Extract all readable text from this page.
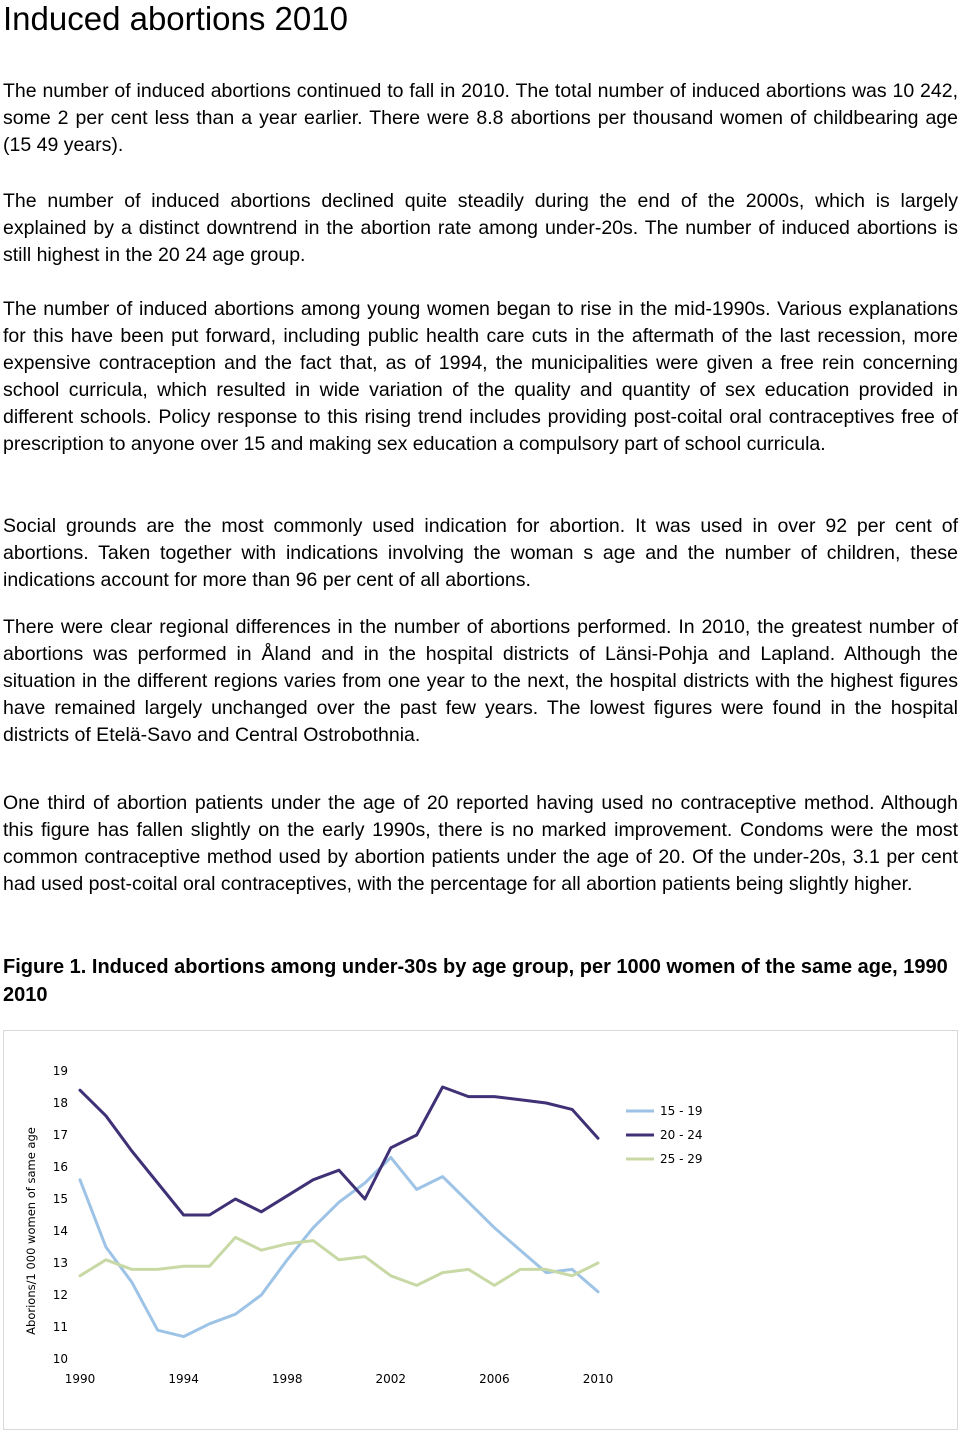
Induced abortions 2010

The number of induced abortions continued to fall in 2010. The total number of induced abortions was 10 242, some 2 per cent less than a year earlier. There were 8.8 abortions per thousand women of childbearing age (15 49 years).

The number of induced abortions declined quite steadily during the end of the 2000s, which is largely explained by a distinct downtrend in the abortion rate among under-20s. The number of induced abortions is still highest in the 20 24 age group.

The number of induced abortions among young women began to rise in the mid-1990s. Various explanations for this have been put forward, including public health care cuts in the aftermath of the last recession, more expensive contraception and the fact that, as of 1994, the municipalities were given a free rein concerning school curricula, which resulted in wide variation of the quality and quantity of sex education provided in different schools. Policy response to this rising trend includes providing post-coital oral contraceptives free of prescription to anyone over 15 and making sex education a compulsory part of school curricula.

Social grounds are the most commonly used indication for abortion. It was used in over 92 per cent of abortions. Taken together with indications involving the woman s age and the number of children, these indications account for more than 96 per cent of all abortions.

There were clear regional differences in the number of abortions performed. In 2010, the greatest number of abortions was performed in Åland and in the hospital districts of Länsi-Pohja and Lapland. Although the situation in the different regions varies from one year to the next, the hospital districts with the highest figures have remained largely unchanged over the past few years. The lowest figures were found in the hospital districts of Etelä-Savo and Central Ostrobothnia.

One third of abortion patients under the age of 20 reported having used no contraceptive method. Although this figure has fallen slightly on the early 1990s, there is no marked improvement. Condoms were the most common contraceptive method used by abortion patients under the age of 20. Of the under-20s, 3.1 per cent had used post-coital oral contraceptives, with the percentage for all abortion patients being slightly higher.

Figure 1. Induced abortions among under-30s by age group, per 1000 women of the same age, 1990 2010

10
11
12
13
14
15
16
17
18
19
1990	1994	1998	2002	2006	2010
Aborions/1 000 women of same age
15 - 19
20 - 24
25 - 29
